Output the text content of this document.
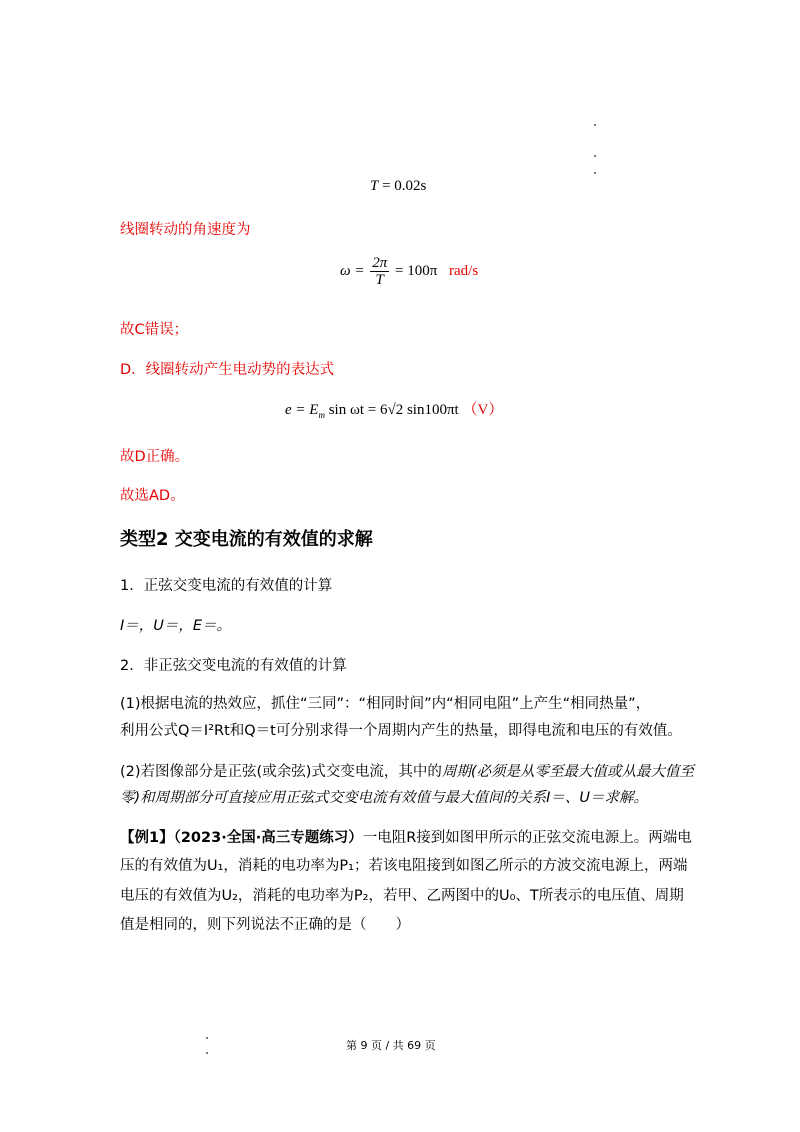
T = 0.02s
线圈转动的角速度为
$\omega = \frac{2\pi}{T} = 100\pi$ rad/s
故C错误；
D．线圈转动产生电动势的表达式
$e = E_m$ sin ωt = 6√2 sin100πt （V）
故D正确。
故选AD。
类型2 交变电流的有效值的求解
1．正弦交变电流的有效值的计算
I＝，U＝，E＝。
2．非正弦交变电流的有效值的计算
(1)根据电流的热效应，抓住“三同”：“相同时间”内“相同电阻”上产生“相同热量”，
利用公式Q＝I²Rt和Q＝t可分别求得一个周期内产生的热量，即得电流和电压的有效值。
(2)若图像部分是正弦(或余弦)式交变电流，其中的周期(必须是从零至最大值或从最大值至
零)和周期部分可直接应用正弦式交变电流有效值与最大值间的关系I＝、U＝求解。
【例1】（2023·全国·高三专题练习）一电阻R接到如图甲所示的正弦交流电源上。两端电
压的有效值为U₁，消耗的电功率为P₁；若该电阻接到如图乙所示的方波交流电源上，两端
电压的有效值为U₂，消耗的电功率为P₂，若甲、乙两图中的U₀、T所表示的电压值、周期
值是相同的，则下列说法不正确的是（　　）
第 9 页 / 共 69 页
